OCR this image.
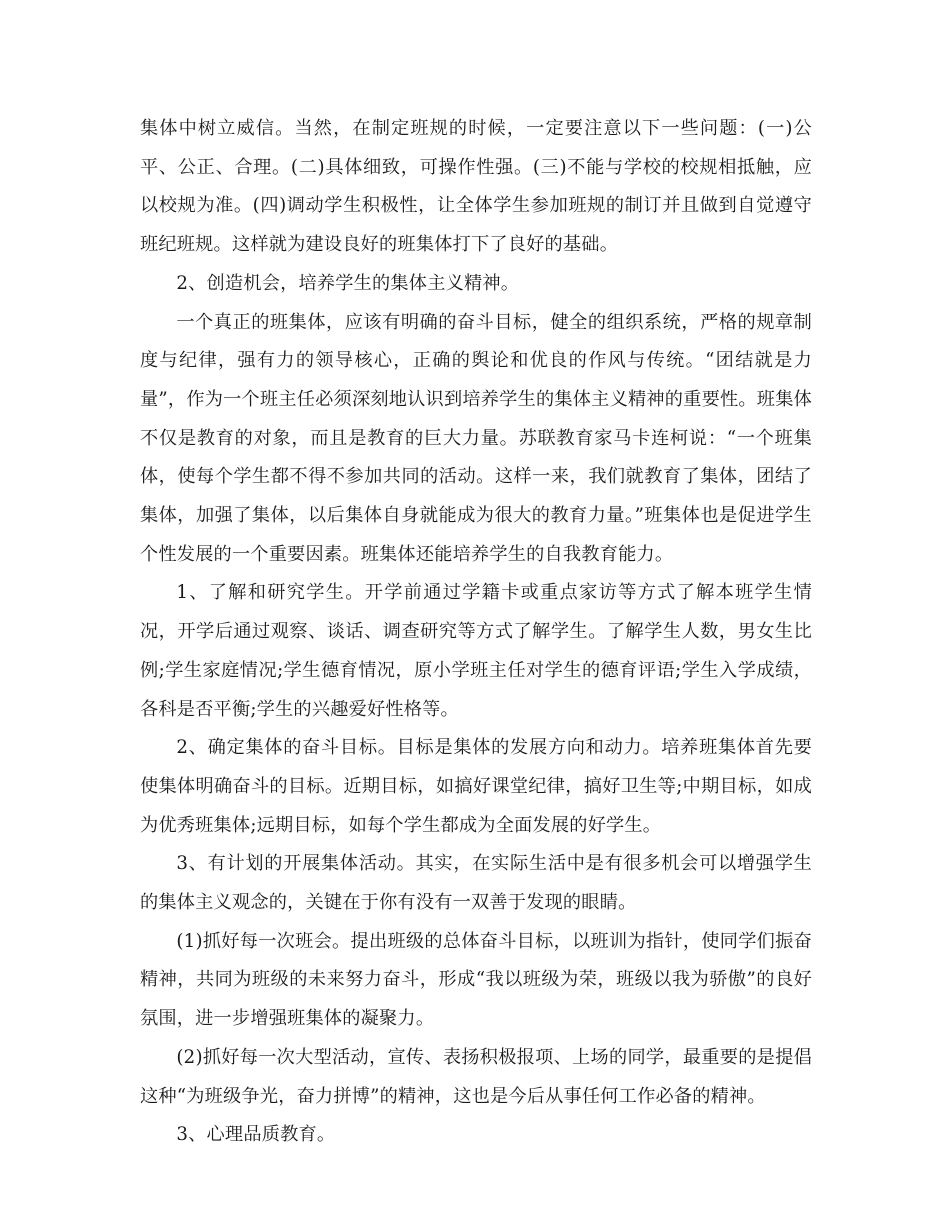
集体中树立威信。当然，在制定班规的时候，一定要注意以下一些问题：(一)公平、公正、合理。(二)具体细致，可操作性强。(三)不能与学校的校规相抵触，应以校规为准。(四)调动学生积极性，让全体学生参加班规的制订并且做到自觉遵守班纪班规。这样就为建设良好的班集体打下了良好的基础。

2、创造机会，培养学生的集体主义精神。

一个真正的班集体，应该有明确的奋斗目标，健全的组织系统，严格的规章制度与纪律，强有力的领导核心，正确的舆论和优良的作风与传统。“团结就是力量”，作为一个班主任必须深刻地认识到培养学生的集体主义精神的重要性。班集体不仅是教育的对象，而且是教育的巨大力量。苏联教育家马卡连柯说：“一个班集体，使每个学生都不得不参加共同的活动。这样一来，我们就教育了集体，团结了集体，加强了集体，以后集体自身就能成为很大的教育力量。”班集体也是促进学生个性发展的一个重要因素。班集体还能培养学生的自我教育能力。

1、了解和研究学生。开学前通过学籍卡或重点家访等方式了解本班学生情况，开学后通过观察、谈话、调查研究等方式了解学生。了解学生人数，男女生比例;学生家庭情况;学生德育情况，原小学班主任对学生的德育评语;学生入学成绩，各科是否平衡;学生的兴趣爱好性格等。

2、确定集体的奋斗目标。目标是集体的发展方向和动力。培养班集体首先要使集体明确奋斗的目标。近期目标，如搞好课堂纪律，搞好卫生等;中期目标，如成为优秀班集体;远期目标，如每个学生都成为全面发展的好学生。

3、有计划的开展集体活动。其实，在实际生活中是有很多机会可以增强学生的集体主义观念的，关键在于你有没有一双善于发现的眼睛。

(1)抓好每一次班会。提出班级的总体奋斗目标，以班训为指针，使同学们振奋精神，共同为班级的未来努力奋斗，形成“我以班级为荣，班级以我为骄傲”的良好氛围，进一步增强班集体的凝聚力。

(2)抓好每一次大型活动，宣传、表扬积极报项、上场的同学，最重要的是提倡这种“为班级争光，奋力拼博”的精神，这也是今后从事任何工作必备的精神。

3、心理品质教育。
